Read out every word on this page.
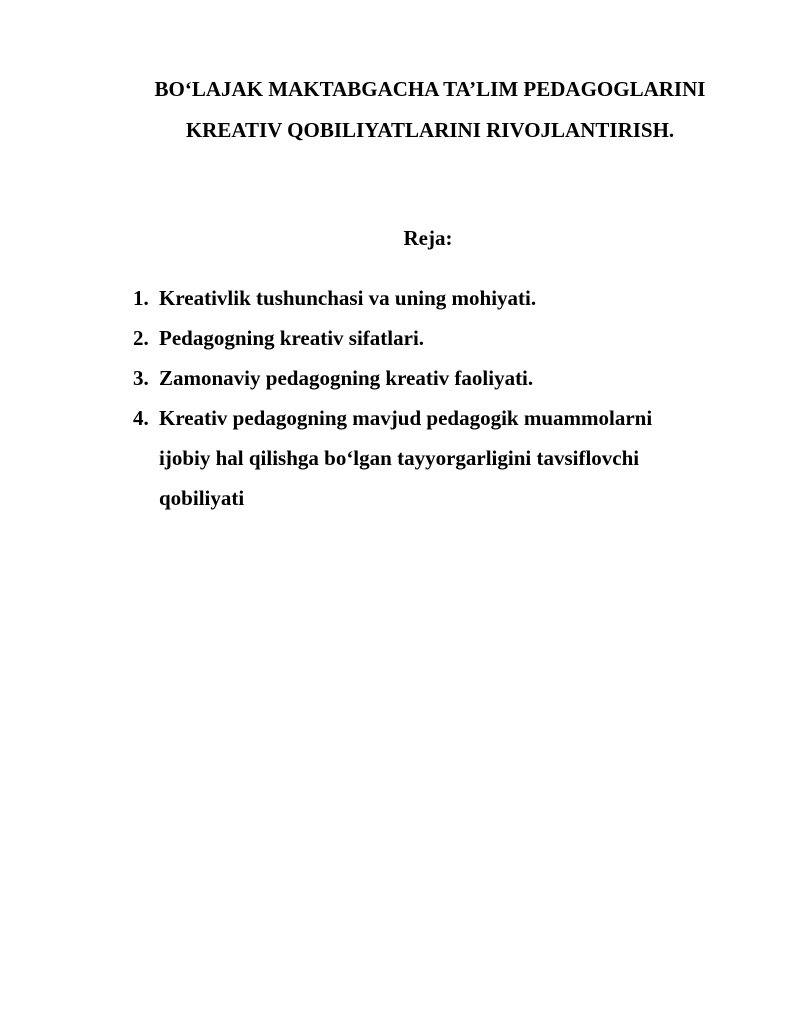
BO‘LAJAK MAKTABGACHA TA’LIM PEDAGOGLARINI
KREATIV QOBILIYATLARINI RIVOJLANTIRISH.
Reja:
1. Kreativlik tushunchasi va uning mohiyati.
2. Pedagogning kreativ sifatlari.
3. Zamonaviy pedagogning kreativ faoliyati.
4. Kreativ pedagogning mavjud pedagogik muammolarni
ijobiy hal qilishga bo‘lgan tayyorgarligini tavsiflovchi
qobiliyati
